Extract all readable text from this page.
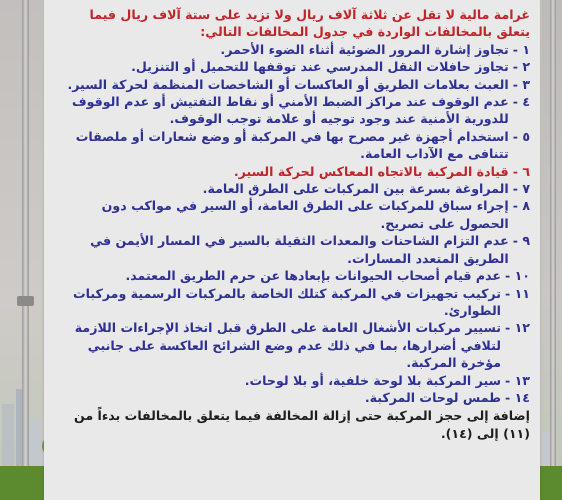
غرامة مالية لا تقل عن ثلاثة آلاف ريال ولا تزيد على ستة آلاف ريال فيما يتعلق بالمخالفات الواردة في جدول المخالفات التالي:
١ -
تجاوز إشارة المرور الضوئية أثناء الضوء الأحمر.
٢ -
تجاوز حافلات النقل المدرسي عند توقفها للتحميل أو التنزيل.
٣ -
العبث بعلامات الطريق أو العاكسات أو الشاخصات المنظمة لحركة السير.
٤ -
عدم الوقوف عند مراكز الضبط الأمني أو نقاط التفتيش أو عدم الوقوف للدورية الأمنية عند وجود توجيه أو علامة توجب الوقوف.
٥ -
استخدام أجهزة غير مصرح بها في المركبة أو وضع شعارات أو ملصقات تتنافى مع الآداب العامة.
٦ -
قيادة المركبة بالاتجاه المعاكس لحركة السير.
٧ -
المراوغة بسرعة بين المركبات على الطرق العامة.
٨ -
إجراء سباق للمركبات على الطرق العامة، أو السير في مواكب دون الحصول على تصريح.
٩ -
عدم التزام الشاحنات والمعدات الثقيلة بالسير في المسار الأيمن في الطريق المتعدد المسارات.
١٠ -
عدم قيام أصحاب الحيوانات بإبعادها عن حرم الطريق المعتمد.
١١ -
تركيب تجهيزات في المركبة كتلك الخاصة بالمركبات الرسمية ومركبات الطوارئ.
١٢ -
تسيير مركبات الأشغال العامة على الطرق قبل اتخاذ الإجراءات اللازمة لتلافي أضرارها، بما في ذلك عدم وضع الشرائح العاكسة على جانبي مؤخرة المركبة.
١٣ -
سير المركبة بلا لوحة خلفية، أو بلا لوحات.
١٤ -
طمس لوحات المركبة.
إضافة إلى حجز المركبة حتى إزالة المخالفة فيما يتعلق بالمخالفات بدءاً من (١١) إلى (١٤).
